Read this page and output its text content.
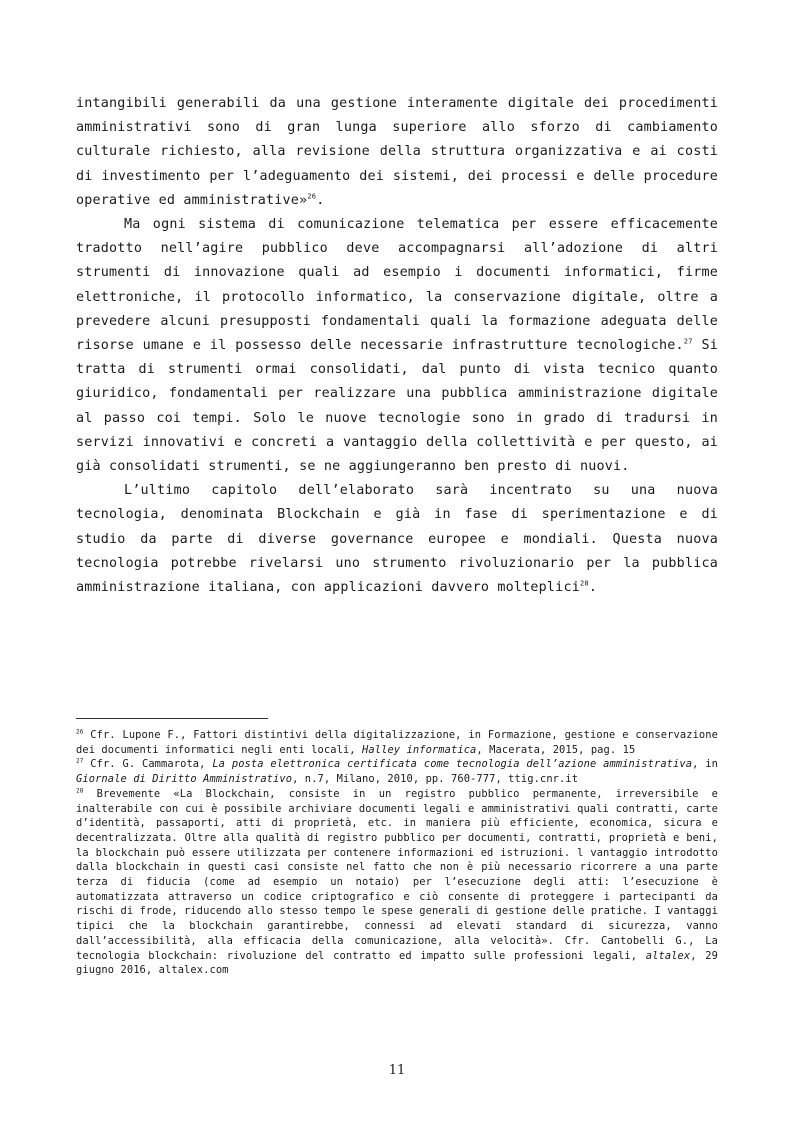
intangibili generabili da una gestione interamente digitale dei procedimenti amministrativi sono di gran lunga superiore allo sforzo di cambiamento culturale richiesto, alla revisione della struttura organizzativa e ai costi di investimento per l’adeguamento dei sistemi, dei processi e delle procedure operative ed amministrative»$^{26}$.

Ma ogni sistema di comunicazione telematica per essere efficacemente tradotto nell’agire pubblico deve accompagnarsi all’adozione di altri strumenti di innovazione quali ad esempio i documenti informatici, firme elettroniche, il protocollo informatico, la conservazione digitale, oltre a prevedere alcuni presupposti fondamentali quali la formazione adeguata delle risorse umane e il possesso delle necessarie infrastrutture tecnologiche.$^{27}$ Si tratta di strumenti ormai consolidati, dal punto di vista tecnico quanto giuridico, fondamentali per realizzare una pubblica amministrazione digitale al passo coi tempi. Solo le nuove tecnologie sono in grado di tradursi in servizi innovativi e concreti a vantaggio della collettività e per questo, ai già consolidati strumenti, se ne aggiungeranno ben presto di nuovi.

L’ultimo capitolo dell’elaborato sarà incentrato su una nuova tecnologia, denominata Blockchain e già in fase di sperimentazione e di studio da parte di diverse governance europee e mondiali. Questa nuova tecnologia potrebbe rivelarsi uno strumento rivoluzionario per la pubblica amministrazione italiana, con applicazioni davvero molteplici$^{28}$.

$^{26}$ Cfr. Lupone F., Fattori distintivi della digitalizzazione, in Formazione, gestione e conservazione dei documenti informatici negli enti locali, Halley informatica, Macerata, 2015, pag. 15

$^{27}$ Cfr. G. Cammarota, La posta elettronica certificata come tecnologia dell’azione amministrativa, in Giornale di Diritto Amministrativo, n.7, Milano, 2010, pp. 760-777, ttig.cnr.it

$^{28}$ Brevemente «La Blockchain, consiste in un registro pubblico permanente, irreversibile e inalterabile con cui è possibile archiviare documenti legali e amministrativi quali contratti, carte d’identità, passaporti, atti di proprietà, etc. in maniera più efficiente, economica, sicura e decentralizzata. Oltre alla qualità di registro pubblico per documenti, contratti, proprietà e beni, la blockchain può essere utilizzata per contenere informazioni ed istruzioni. l vantaggio introdotto dalla blockchain in questi casi consiste nel fatto che non è più necessario ricorrere a una parte terza di fiducia (come ad esempio un notaio) per l’esecuzione degli atti: l’esecuzione è automatizzata attraverso un codice criptografico e ciò consente di proteggere i partecipanti da rischi di frode, riducendo allo stesso tempo le spese generali di gestione delle pratiche. I vantaggi tipici che la blockchain garantirebbe, connessi ad elevati standard di sicurezza, vanno dall’accessibilità, alla efficacia della comunicazione, alla velocità». Cfr. Cantobelli G., La tecnologia blockchain: rivoluzione del contratto ed impatto sulle professioni legali, altalex, 29 giugno 2016, altalex.com

11
